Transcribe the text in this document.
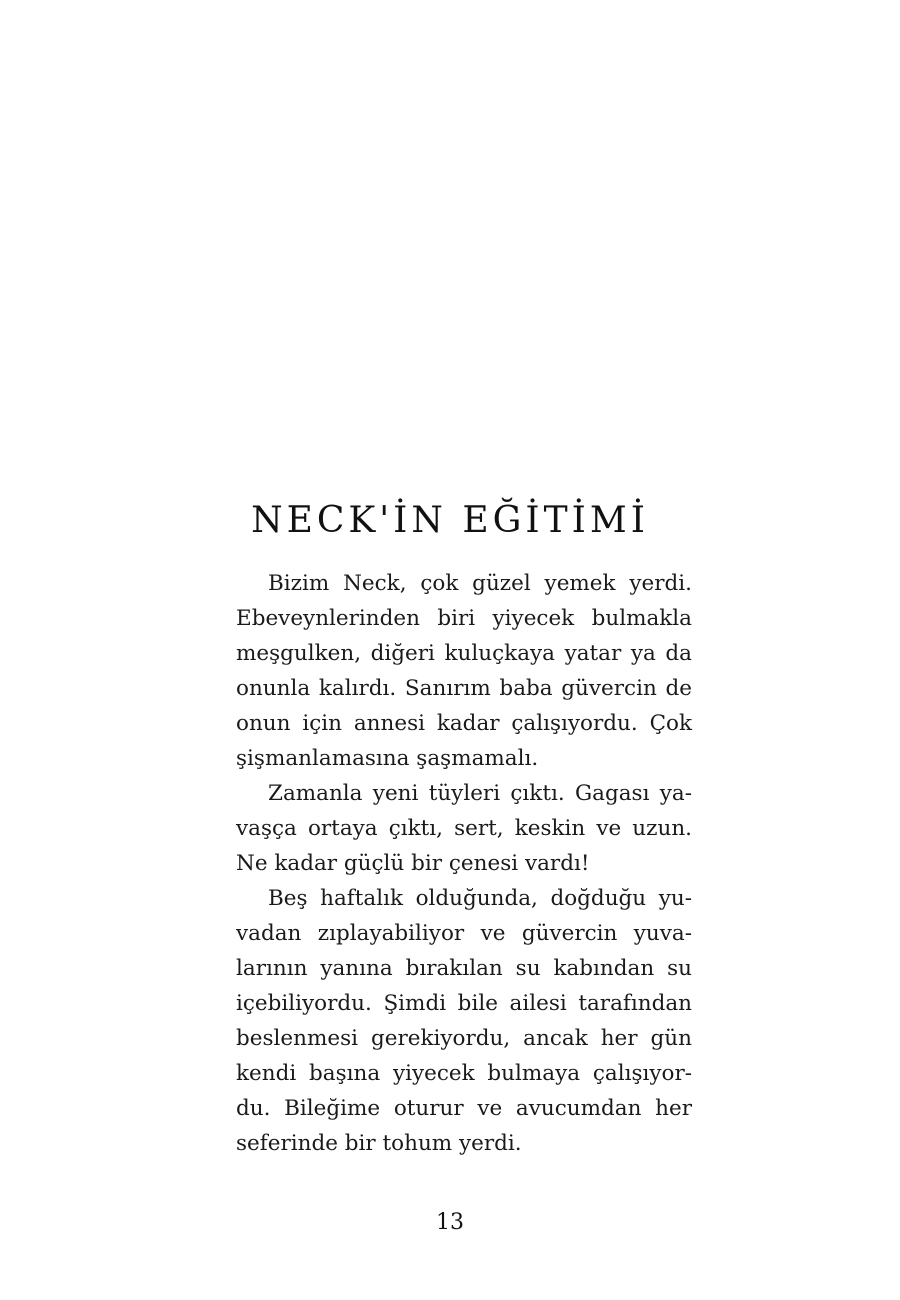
NECK'İN EĞİTİMİ
Bizim Neck, çok güzel yemek yerdi.
Ebeveynlerinden biri yiyecek bulmakla
meşgulken, diğeri kuluçkaya yatar ya da
onunla kalırdı. Sanırım baba güvercin de
onun için annesi kadar çalışıyordu. Çok
şişmanlamasına şaşmamalı.
Zamanla yeni tüyleri çıktı. Gagası ya-
vaşça ortaya çıktı, sert, keskin ve uzun.
Ne kadar güçlü bir çenesi vardı!
Beş haftalık olduğunda, doğduğu yu-
vadan zıplayabiliyor ve güvercin yuva-
larının yanına bırakılan su kabından su
içebiliyordu. Şimdi bile ailesi tarafından
beslenmesi gerekiyordu, ancak her gün
kendi başına yiyecek bulmaya çalışıyor-
du. Bileğime oturur ve avucumdan her
seferinde bir tohum yerdi.
13
